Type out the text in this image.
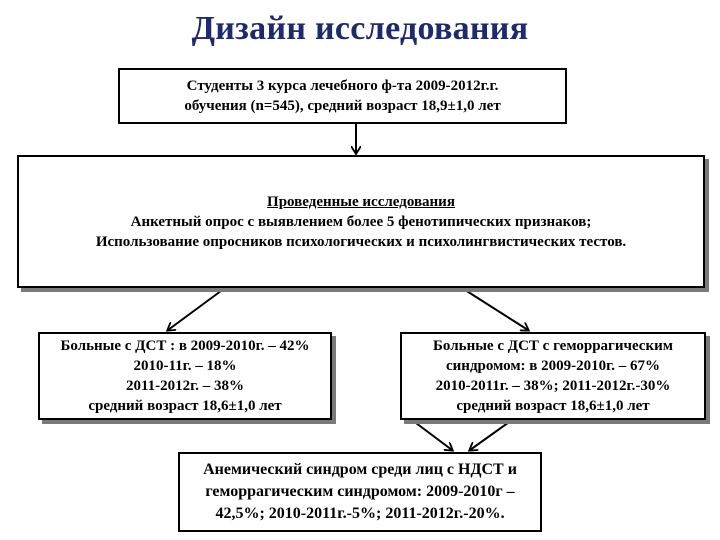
Дизайн исследования
Студенты 3 курса лечебного ф-та 2009-2012г.г.
обучения (n=545), средний возраст 18,9±1,0 лет
Проведенные исследования
Анкетный опрос с выявлением более 5 фенотипических признаков;
Использование опросников психологических и психолингвистических тестов.
Больные с ДСТ : в 2009-2010г. – 42%
2010-11г. – 18%
2011-2012г. – 38%
средний возраст 18,6±1,0 лет
Больные с ДСТ с геморрагическим
синдромом: в 2009-2010г. – 67%
2010-2011г. – 38%; 2011-2012г.-30%
средний возраст 18,6±1,0 лет
Анемический синдром среди лиц с НДСТ и
геморрагическим синдромом: 2009-2010г –
42,5%; 2010-2011г.-5%; 2011-2012г.-20%.
